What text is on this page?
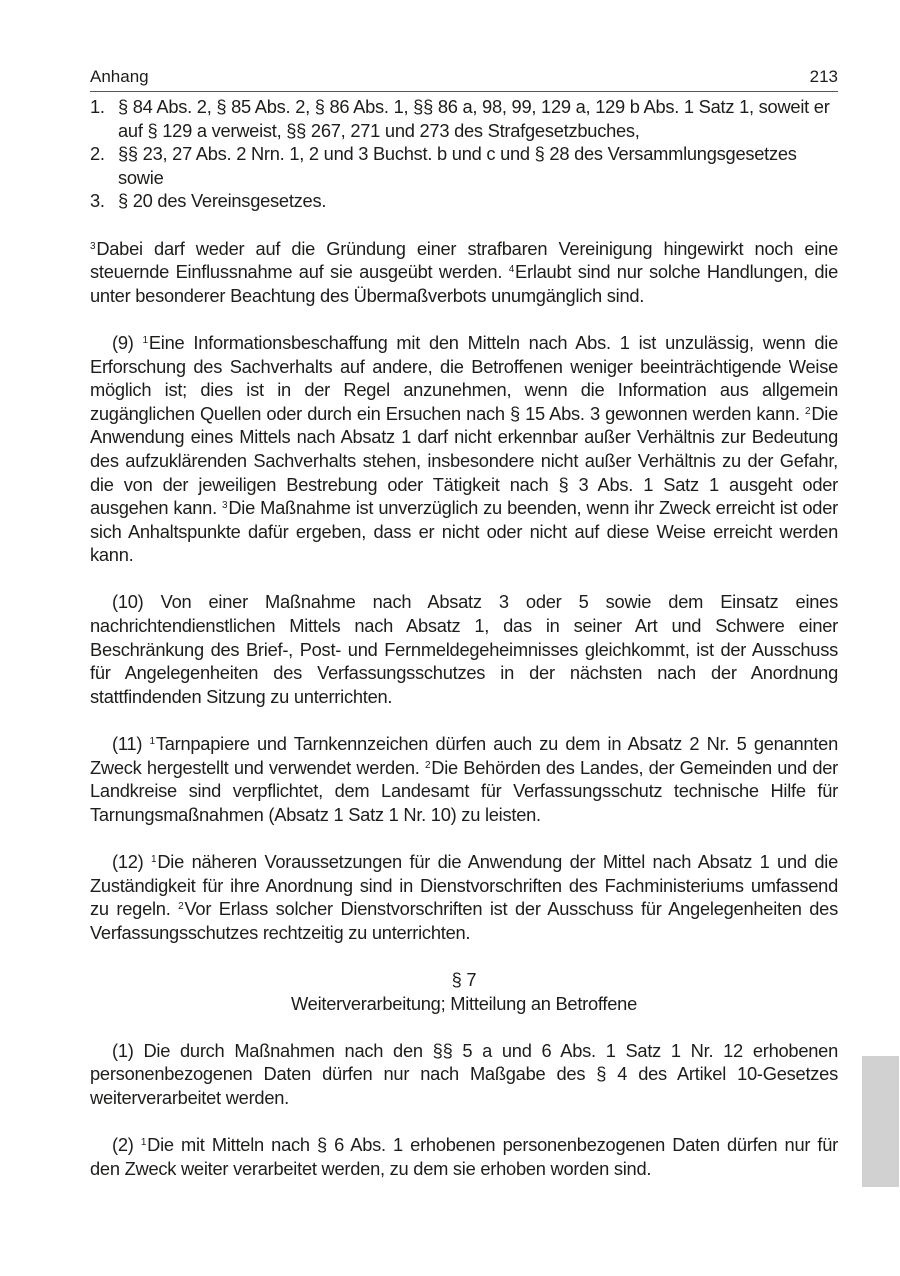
Anhang	213
1. § 84 Abs. 2, § 85 Abs. 2, § 86 Abs. 1, §§ 86 a, 98, 99, 129 a, 129 b Abs. 1 Satz 1, soweit er auf § 129 a verweist, §§ 267, 271 und 273 des Strafgesetzbuches,
2. §§ 23, 27 Abs. 2 Nrn. 1, 2 und 3 Buchst. b und c und § 28 des Versammlungsgesetzes sowie
3. § 20 des Vereinsgesetzes.

$^3$Dabei darf weder auf die Gründung einer strafbaren Vereinigung hingewirkt noch eine steuernde Einflussnahme auf sie ausgeübt werden. $^4$Erlaubt sind nur solche Handlungen, die unter besonderer Beachtung des Übermaßverbots unumgänglich sind.

(9) $^1$Eine Informationsbeschaffung mit den Mitteln nach Abs. 1 ist unzulässig, wenn die Erforschung des Sachverhalts auf andere, die Betroffenen weniger beeinträchtigende Weise möglich ist; dies ist in der Regel anzunehmen, wenn die Information aus allgemein zugänglichen Quellen oder durch ein Ersuchen nach § 15 Abs. 3 gewonnen werden kann. $^2$Die Anwendung eines Mittels nach Absatz 1 darf nicht erkennbar außer Verhältnis zur Bedeutung des aufzuklärenden Sachverhalts stehen, insbesondere nicht außer Verhältnis zu der Gefahr, die von der jeweiligen Bestrebung oder Tätigkeit nach § 3 Abs. 1 Satz 1 ausgeht oder ausgehen kann. $^3$Die Maßnahme ist unverzüglich zu beenden, wenn ihr Zweck erreicht ist oder sich Anhaltspunkte dafür ergeben, dass er nicht oder nicht auf diese Weise erreicht werden kann.

(10) Von einer Maßnahme nach Absatz 3 oder 5 sowie dem Einsatz eines nachrichtendienstlichen Mittels nach Absatz 1, das in seiner Art und Schwere einer Beschränkung des Brief-, Post- und Fernmeldegeheimnisses gleichkommt, ist der Ausschuss für Angelegenheiten des Verfassungsschutzes in der nächsten nach der Anordnung stattfindenden Sitzung zu unterrichten.

(11) $^1$Tarnpapiere und Tarnkennzeichen dürfen auch zu dem in Absatz 2 Nr. 5 genannten Zweck hergestellt und verwendet werden. $^2$Die Behörden des Landes, der Gemeinden und der Landkreise sind verpflichtet, dem Landesamt für Verfassungsschutz technische Hilfe für Tarnungsmaßnahmen (Absatz 1 Satz 1 Nr. 10) zu leisten.

(12) $^1$Die näheren Voraussetzungen für die Anwendung der Mittel nach Absatz 1 und die Zuständigkeit für ihre Anordnung sind in Dienstvorschriften des Fachministeriums umfassend zu regeln. $^2$Vor Erlass solcher Dienstvorschriften ist der Ausschuss für Angelegenheiten des Verfassungsschutzes rechtzeitig zu unterrichten.

§ 7

Weiterverarbeitung; Mitteilung an Betroffene

(1) Die durch Maßnahmen nach den §§ 5 a und 6 Abs. 1 Satz 1 Nr. 12 erhobenen personenbezogenen Daten dürfen nur nach Maßgabe des § 4 des Artikel 10-Gesetzes weiterverarbeitet werden.

(2) $^1$Die mit Mitteln nach § 6 Abs. 1 erhobenen personenbezogenen Daten dürfen nur für den Zweck weiter verarbeitet werden, zu dem sie erhoben worden sind.
